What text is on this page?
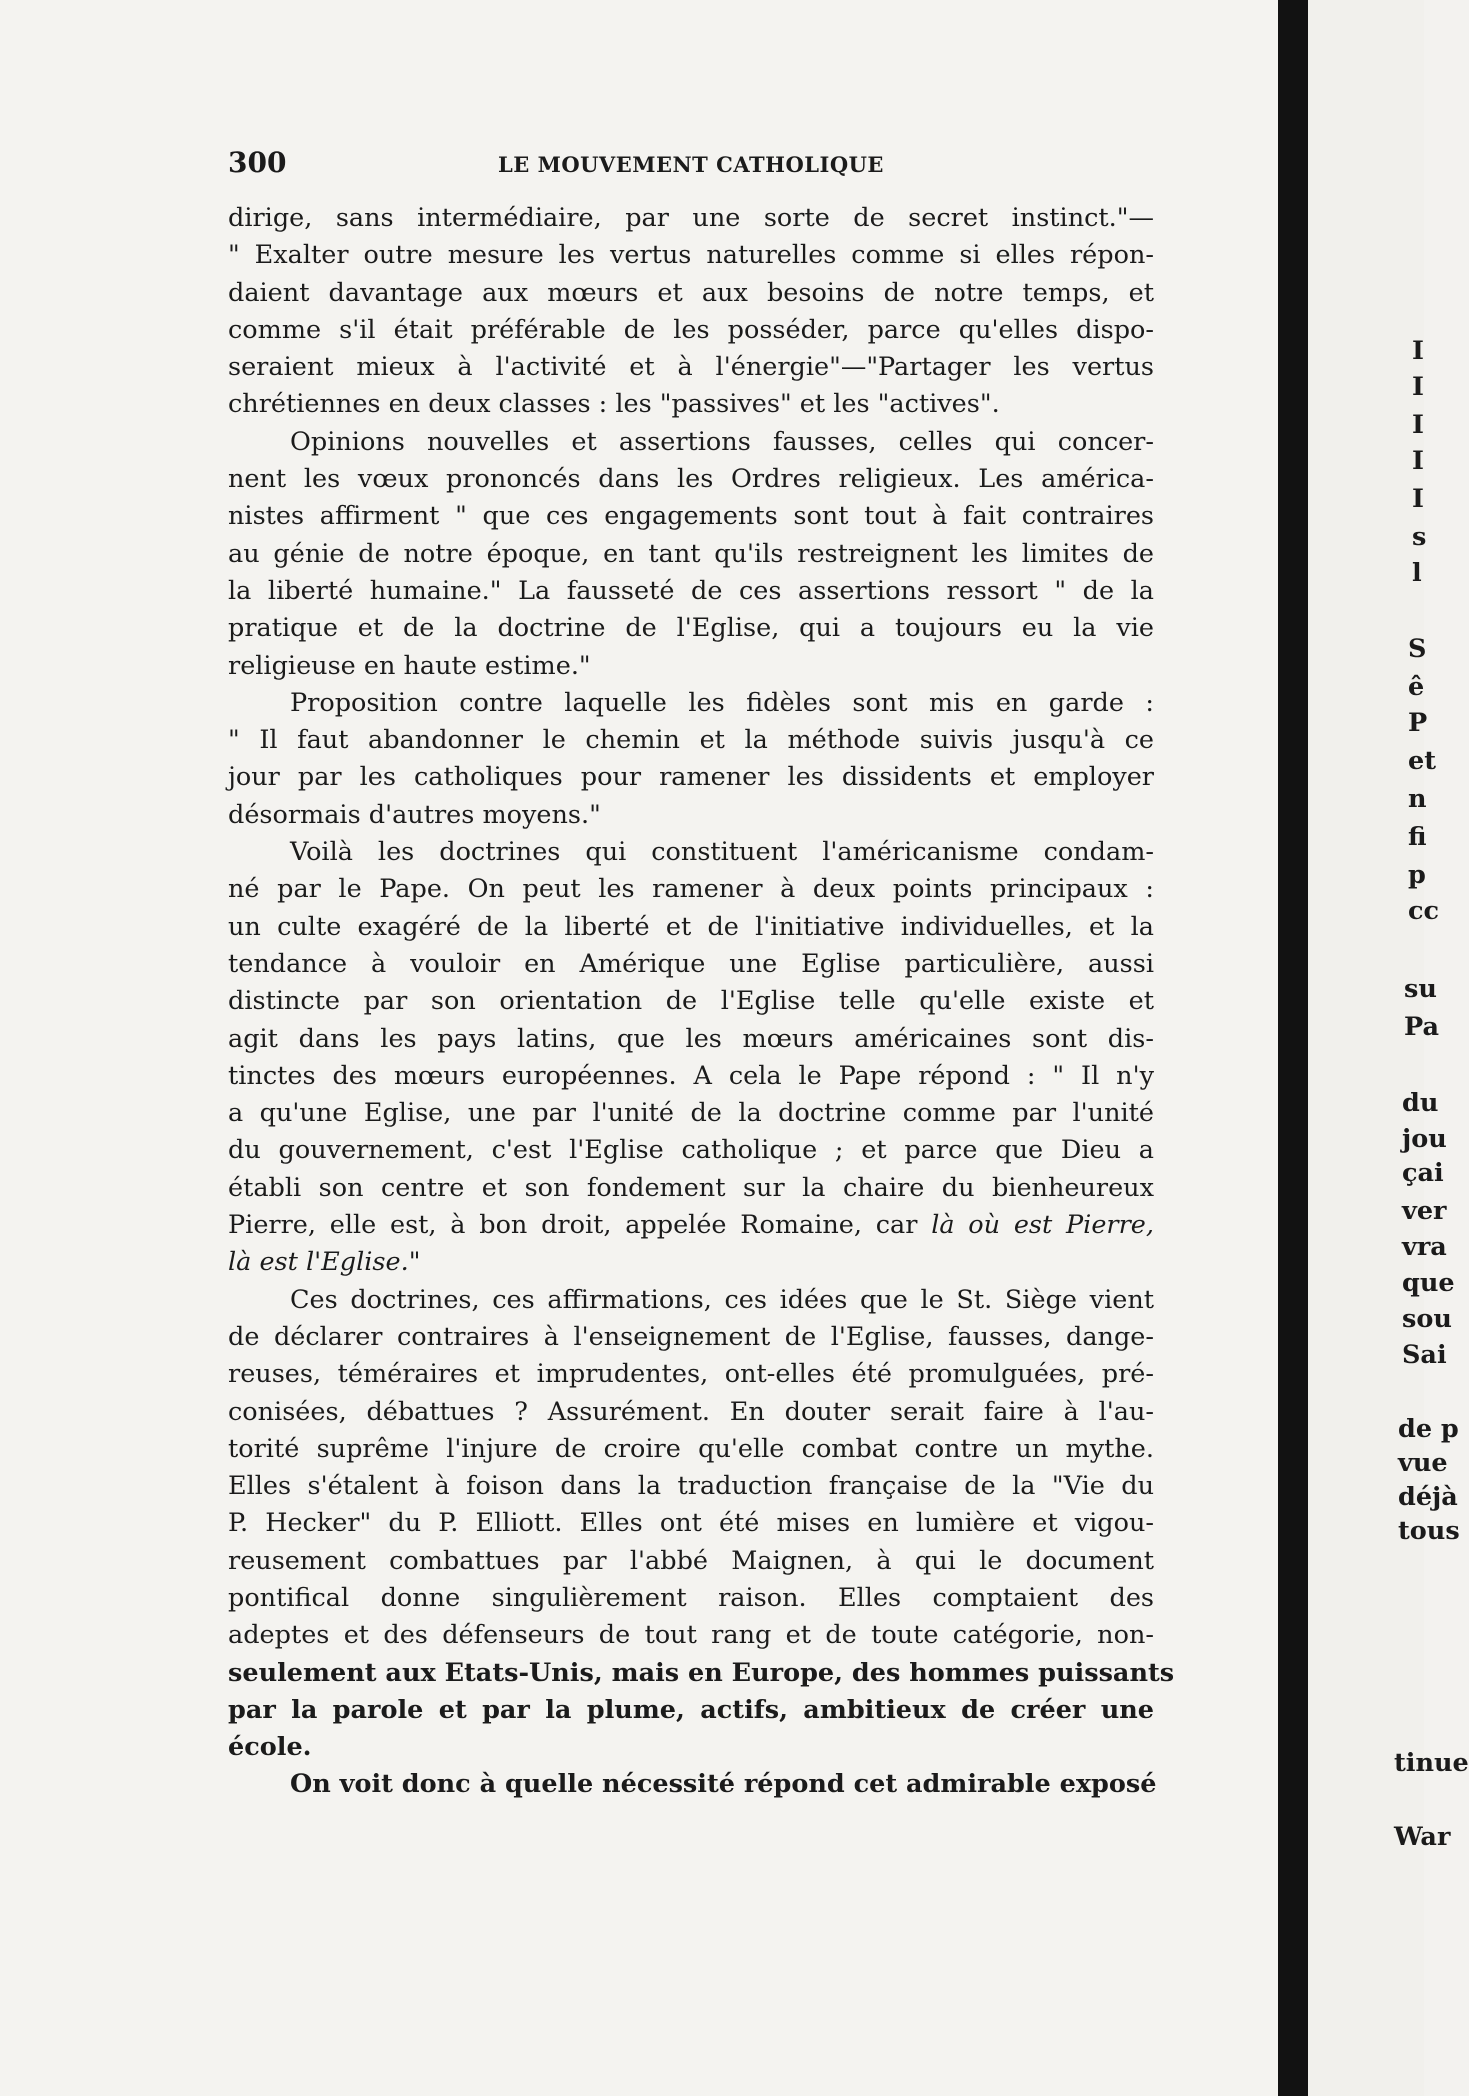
300	LE MOUVEMENT CATHOLIQUE
dirige, sans intermédiaire, par une sorte de secret instinct."—
" Exalter outre mesure les vertus naturelles comme si elles répon-
daient davantage aux mœurs et aux besoins de notre temps, et
comme s'il était préférable de les posséder, parce qu'elles dispo-
seraient mieux à l'activité et à l'énergie"—"Partager les vertus
chrétiennes en deux classes : les "passives" et les "actives".
Opinions nouvelles et assertions fausses, celles qui concer-
nent les vœux prononcés dans les Ordres religieux. Les américa-
nistes affirment " que ces engagements sont tout à fait contraires
au génie de notre époque, en tant qu'ils restreignent les limites de
la liberté humaine." La fausseté de ces assertions ressort " de la
pratique et de la doctrine de l'Eglise, qui a toujours eu la vie
religieuse en haute estime."
Proposition contre laquelle les fidèles sont mis en garde :
" Il faut abandonner le chemin et la méthode suivis jusqu'à ce
jour par les catholiques pour ramener les dissidents et employer
désormais d'autres moyens."
Voilà les doctrines qui constituent l'américanisme condam-
né par le Pape. On peut les ramener à deux points principaux :
un culte exagéré de la liberté et de l'initiative individuelles, et la
tendance à vouloir en Amérique une Eglise particulière, aussi
distincte par son orientation de l'Eglise telle qu'elle existe et
agit dans les pays latins, que les mœurs américaines sont dis-
tinctes des mœurs européennes. A cela le Pape répond : " Il n'y
a qu'une Eglise, une par l'unité de la doctrine comme par l'unité
du gouvernement, c'est l'Eglise catholique ; et parce que Dieu a
établi son centre et son fondement sur la chaire du bienheureux
Pierre, elle est, à bon droit, appelée Romaine, car là où est Pierre,
là est l'Eglise."
Ces doctrines, ces affirmations, ces idées que le St. Siège vient
de déclarer contraires à l'enseignement de l'Eglise, fausses, dange-
reuses, téméraires et imprudentes, ont-elles été promulguées, pré-
conisées, débattues ? Assurément. En douter serait faire à l'au-
torité suprême l'injure de croire qu'elle combat contre un mythe.
Elles s'étalent à foison dans la traduction française de la "Vie du
P. Hecker" du P. Elliott. Elles ont été mises en lumière et vigou-
reusement combattues par l'abbé Maignen, à qui le document
pontifical donne singulièrement raison. Elles comptaient des
adeptes et des défenseurs de tout rang et de toute catégorie, non-
seulement aux Etats-Unis, mais en Europe, des hommes puissants
par la parole et par la plume, actifs, ambitieux de créer une
école.
On voit donc à quelle nécessité répond cet admirable exposé
I
I
I
I
I
s
l
S
ê
P
et
n
fi
p
cc
su
Pa
du
jou
çai
ver
vra
que
sou
Sai
de p
vue
déjà
tous
tinue
War
